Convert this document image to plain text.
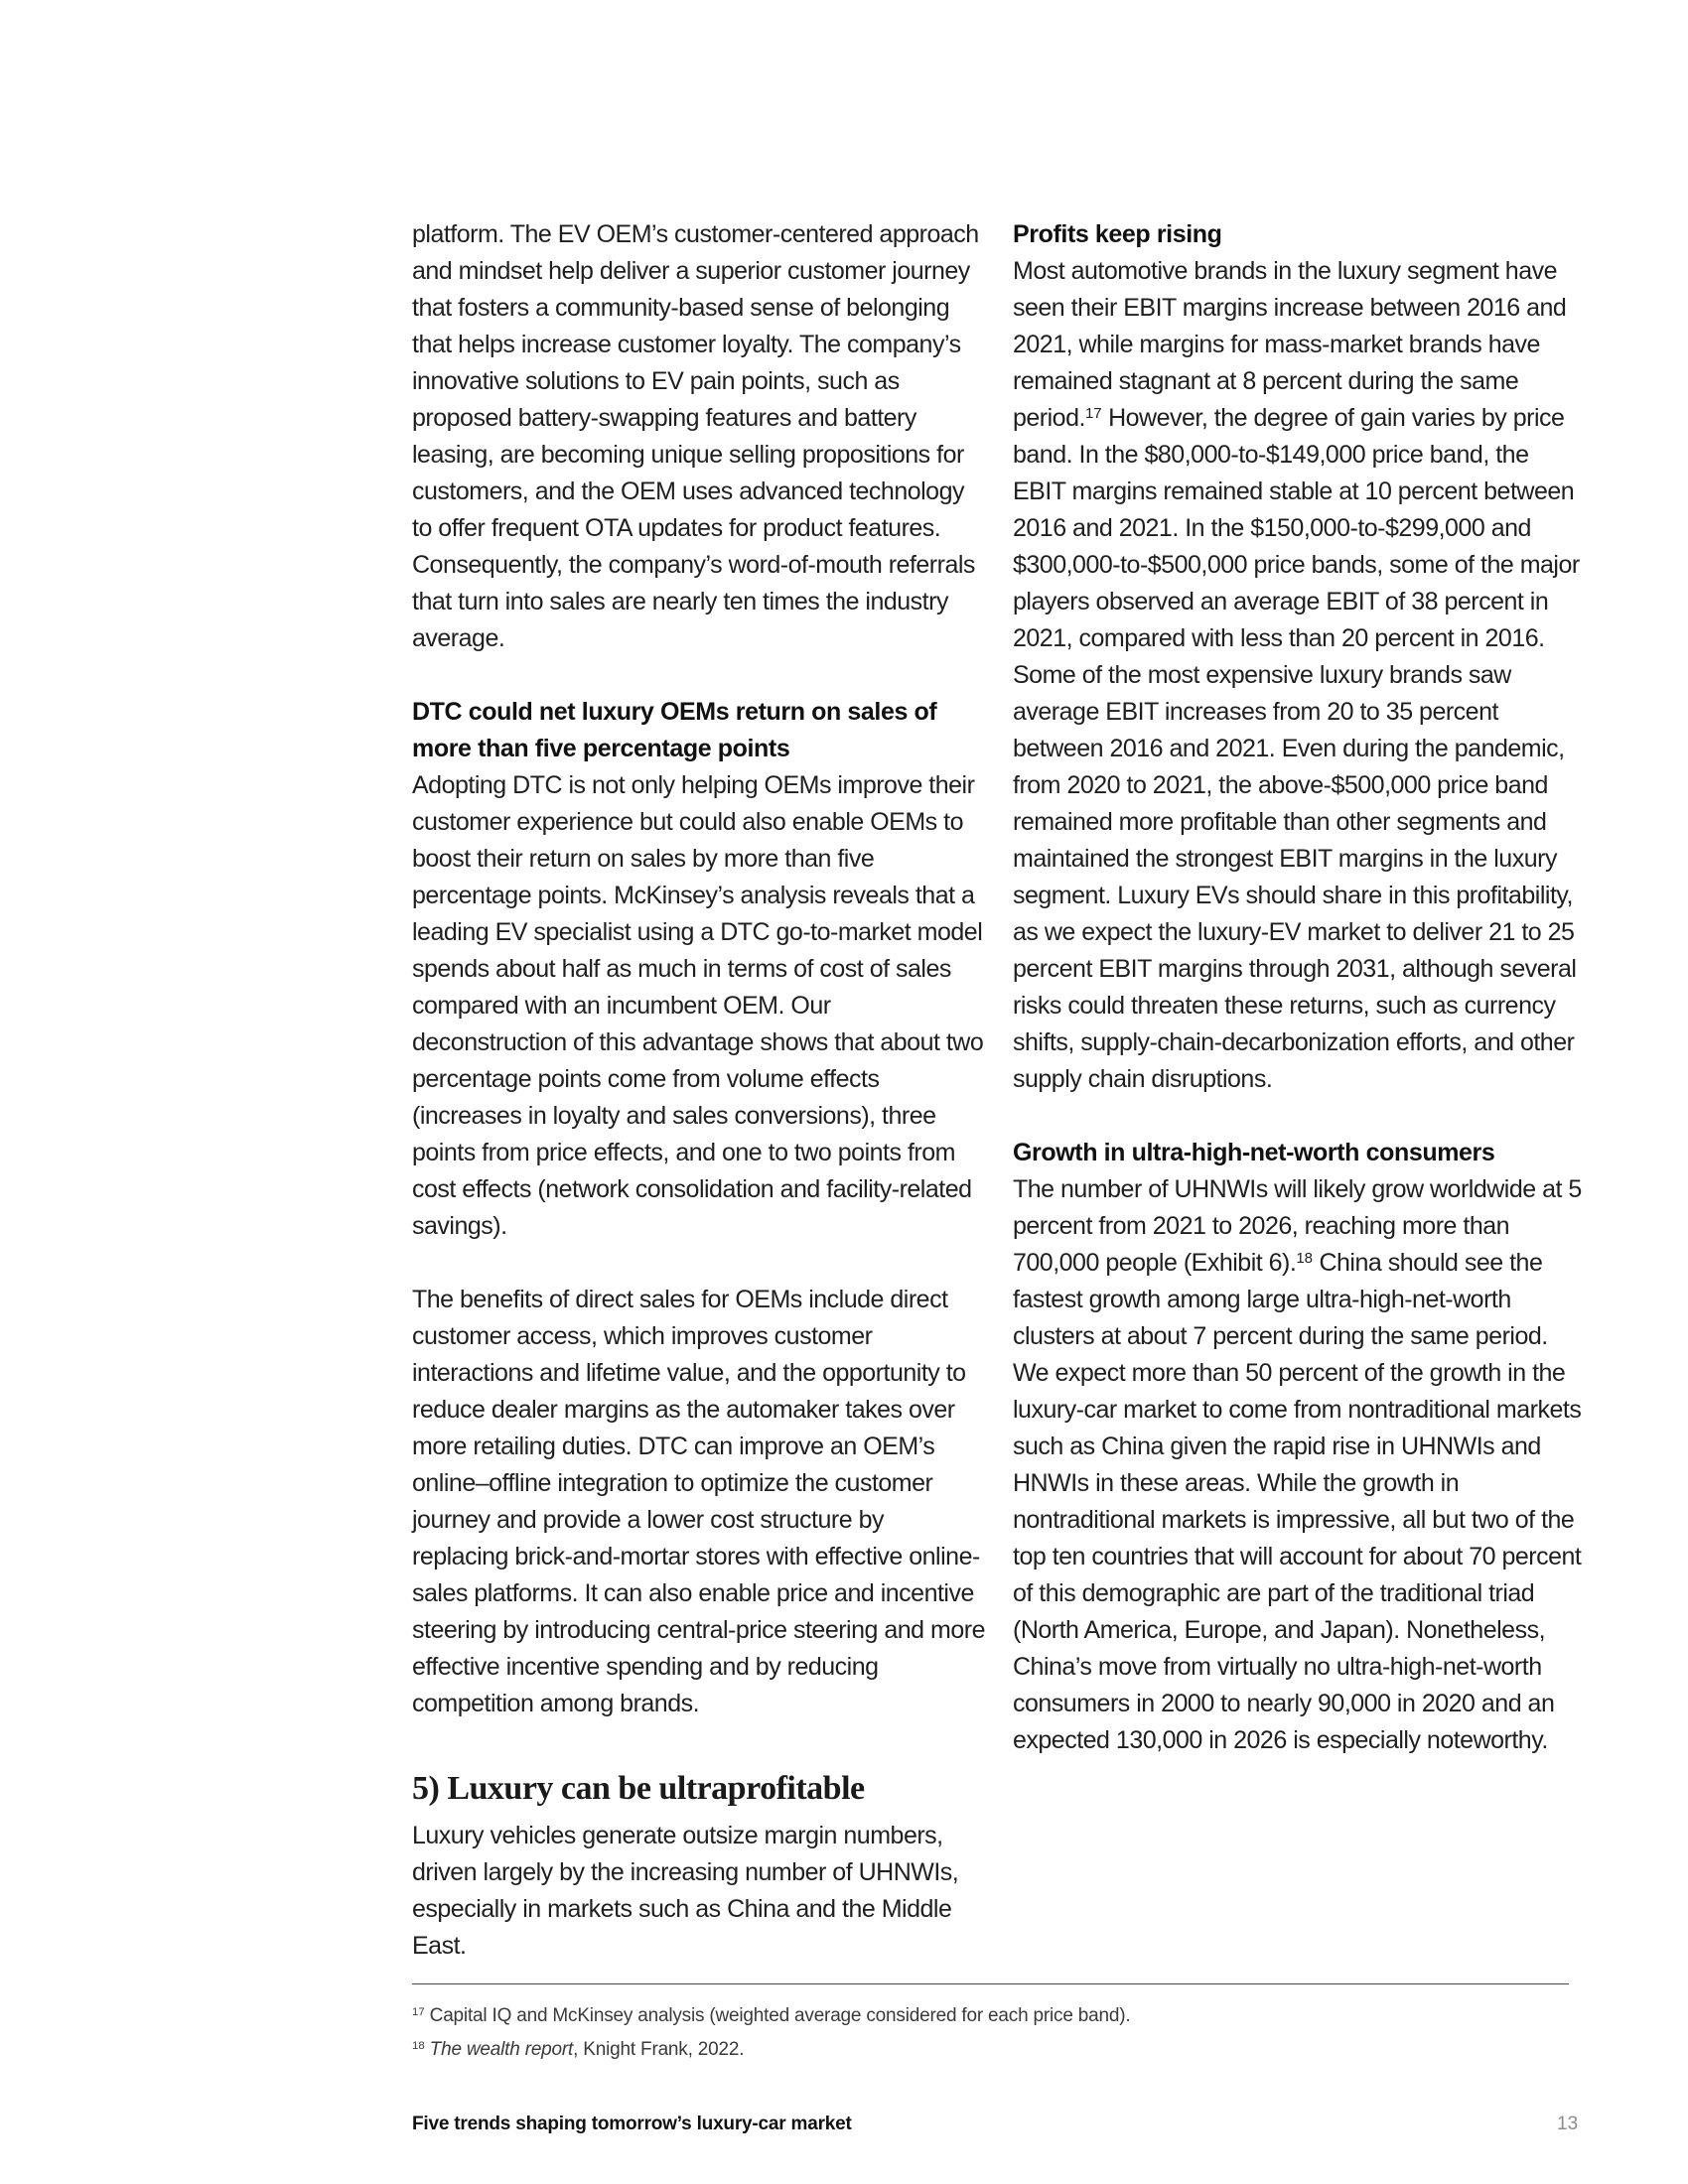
platform. The EV OEM’s customer-centered approach and mindset help deliver a superior customer journey that fosters a community-based sense of belonging that helps increase customer loyalty. The company’s innovative solutions to EV pain points, such as proposed battery-swapping features and battery leasing, are becoming unique selling propositions for customers, and the OEM uses advanced technology to offer frequent OTA updates for product features. Consequently, the company’s word-of-mouth referrals that turn into sales are nearly ten times the industry average.

DTC could net luxury OEMs return on sales of more than five percentage points

Adopting DTC is not only helping OEMs improve their customer experience but could also enable OEMs to boost their return on sales by more than five percentage points. McKinsey’s analysis reveals that a leading EV specialist using a DTC go-to-market model spends about half as much in terms of cost of sales compared with an incumbent OEM. Our deconstruction of this advantage shows that about two percentage points come from volume effects (increases in loyalty and sales conversions), three points from price effects, and one to two points from cost effects (network consolidation and facility-related savings).

The benefits of direct sales for OEMs include direct customer access, which improves customer interactions and lifetime value, and the opportunity to reduce dealer margins as the automaker takes over more retailing duties. DTC can improve an OEM’s online–offline integration to optimize the customer journey and provide a lower cost structure by replacing brick-and-mortar stores with effective online-sales platforms. It can also enable price and incentive steering by introducing central-price steering and more effective incentive spending and by reducing competition among brands.

5) Luxury can be ultraprofitable

Luxury vehicles generate outsize margin numbers, driven largely by the increasing number of UHNWIs, especially in markets such as China and the Middle East.

Profits keep rising

Most automotive brands in the luxury segment have seen their EBIT margins increase between 2016 and 2021, while margins for mass-market brands have remained stagnant at 8 percent during the same period.$^{17}$ However, the degree of gain varies by price band. In the $80,000-to-$149,000 price band, the EBIT margins remained stable at 10 percent between 2016 and 2021. In the $150,000-to-$299,000 and $300,000-to-$500,000 price bands, some of the major players observed an average EBIT of 38 percent in 2021, compared with less than 20 percent in 2016. Some of the most expensive luxury brands saw average EBIT increases from 20 to 35 percent between 2016 and 2021. Even during the pandemic, from 2020 to 2021, the above-$500,000 price band remained more profitable than other segments and maintained the strongest EBIT margins in the luxury segment. Luxury EVs should share in this profitability, as we expect the luxury-EV market to deliver 21 to 25 percent EBIT margins through 2031, although several risks could threaten these returns, such as currency shifts, supply-chain-decarbonization efforts, and other supply chain disruptions.

Growth in ultra-high-net-worth consumers

The number of UHNWIs will likely grow worldwide at 5 percent from 2021 to 2026, reaching more than 700,000 people (Exhibit 6).$^{18}$ China should see the fastest growth among large ultra-high-net-worth clusters at about 7 percent during the same period. We expect more than 50 percent of the growth in the luxury-car market to come from nontraditional markets such as China given the rapid rise in UHNWIs and HNWIs in these areas. While the growth in nontraditional markets is impressive, all but two of the top ten countries that will account for about 70 percent of this demographic are part of the traditional triad (North America, Europe, and Japan). Nonetheless, China’s move from virtually no ultra-high-net-worth consumers in 2000 to nearly 90,000 in 2020 and an expected 130,000 in 2026 is especially noteworthy.

$^{17}$ Capital IQ and McKinsey analysis (weighted average considered for each price band).
$^{18}$ The wealth report, Knight Frank, 2022.
Five trends shaping tomorrow’s luxury-car market	13
